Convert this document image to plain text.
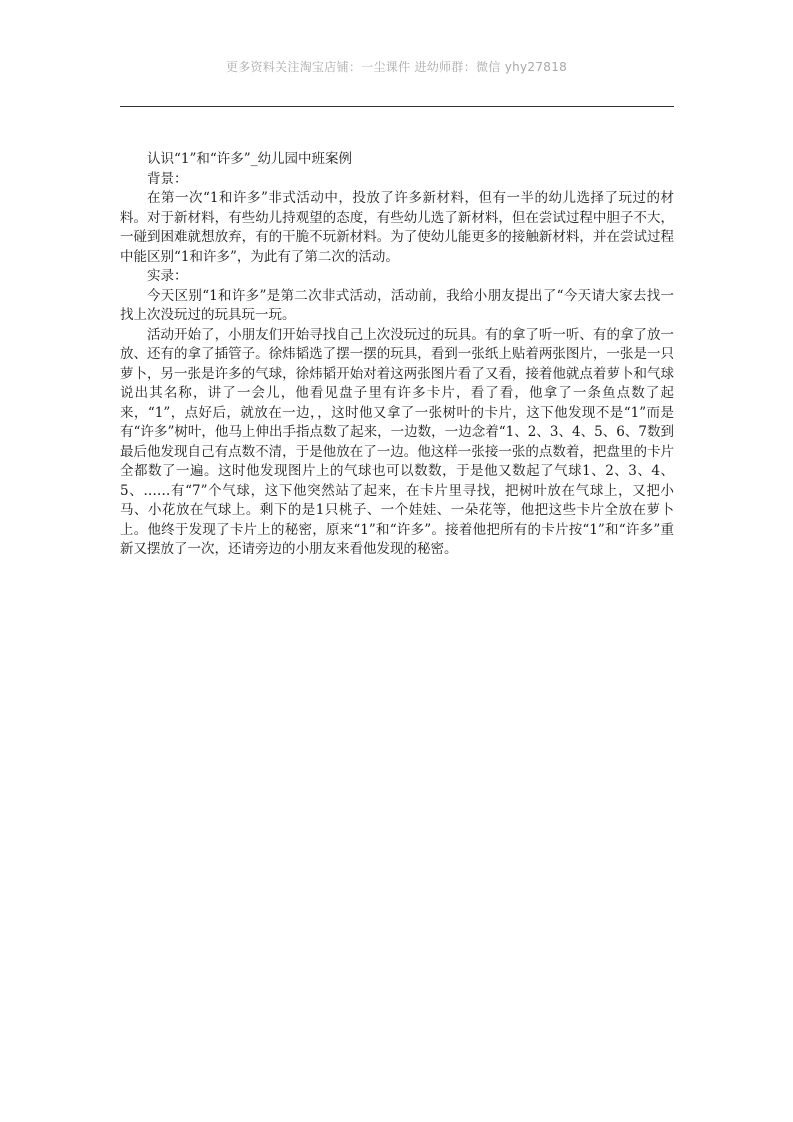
更多资料关注淘宝店铺：一尘课件 进幼师群：微信 yhy27818

认识“1”和“许多”_幼儿园中班案例

背景：

在第一次“1和许多”非式活动中，投放了许多新材料，但有一半的幼儿选择了玩过的材料。对于新材料，有些幼儿持观望的态度，有些幼儿选了新材料，但在尝试过程中胆子不大，一碰到困难就想放弃，有的干脆不玩新材料。为了使幼儿能更多的接触新材料，并在尝试过程中能区别“1和许多”，为此有了第二次的活动。

实录：

今天区别“1和许多”是第二次非式活动，活动前，我给小朋友提出了“今天请大家去找一找上次没玩过的玩具玩一玩。

活动开始了，小朋友们开始寻找自己上次没玩过的玩具。有的拿了听一听、有的拿了放一放、还有的拿了插管子。徐炜韬选了摆一摆的玩具，看到一张纸上贴着两张图片，一张是一只萝卜，另一张是许多的气球，徐炜韬开始对着这两张图片看了又看，接着他就点着萝卜和气球说出其名称，讲了一会儿，他看见盘子里有许多卡片，看了看，他拿了一条鱼点数了起来，“1”，点好后，就放在一边，，这时他又拿了一张树叶的卡片，这下他发现不是“1”而是有“许多”树叶，他马上伸出手指点数了起来，一边数，一边念着“1、2、3、4、5、6、7数到最后他发现自己有点数不清，于是他放在了一边。他这样一张接一张的点数着，把盘里的卡片全都数了一遍。这时他发现图片上的气球也可以数数，于是他又数起了气球1、2、3、4、5、……有“7”个气球，这下他突然站了起来，在卡片里寻找，把树叶放在气球上，又把小马、小花放在气球上。剩下的是1只桃子、一个娃娃、一朵花等，他把这些卡片全放在萝卜上。他终于发现了卡片上的秘密，原来“1”和“许多”。接着他把所有的卡片按“1”和“许多”重新又摆放了一次，还请旁边的小朋友来看他发现的秘密。
